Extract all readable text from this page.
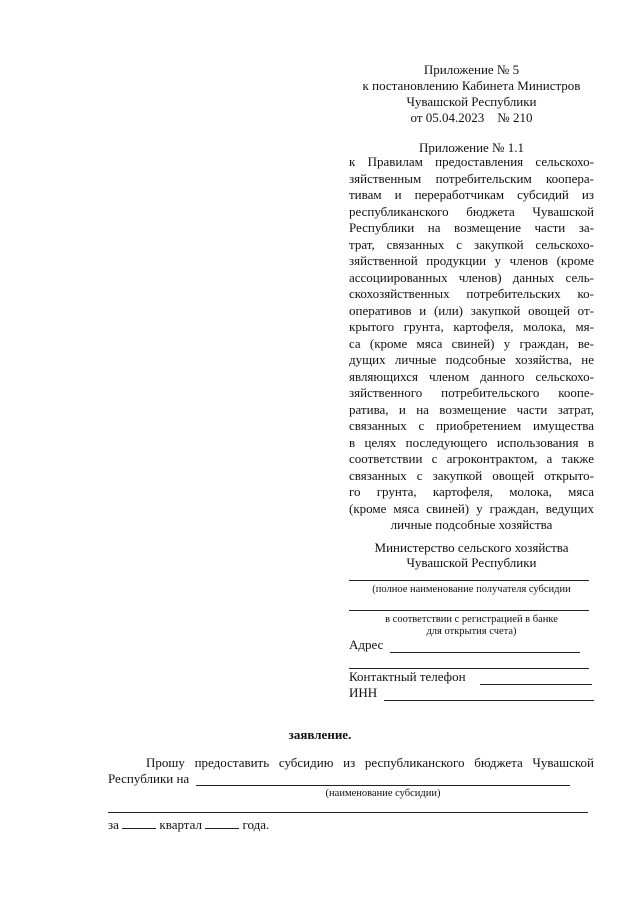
Приложение № 5
к постановлению Кабинета Министров
Чувашской Республики
от 05.04.2023    № 210
Приложение № 1.1
к Правилам предоставления сельскохо-
зяйственным потребительским коопера-
тивам и переработчикам субсидий из
республиканского бюджета Чувашской
Республики на возмещение части за-
трат, связанных с закупкой сельскохо-
зяйственной продукции у членов (кроме
ассоциированных членов) данных сель-
скохозяйственных потребительских ко-
оперативов и (или) закупкой овощей от-
крытого грунта, картофеля, молока, мя-
са (кроме мяса свиней) у граждан, ве-
дущих личные подсобные хозяйства, не
являющихся членом данного сельскохо-
зяйственного потребительского коопе-
ратива, и на возмещение части затрат,
связанных с приобретением имущества
в целях последующего использования в
соответствии с агроконтрактом, а также
связанных с закупкой овощей открыто-
го грунта, картофеля, молока, мяса
(кроме мяса свиней) у граждан, ведущих
личные подсобные хозяйства
Министерство сельского хозяйства
Чувашской Республики
(полное наименование получателя субсидии
в соответствии с регистрацией в банке
для открытия счета)
Адрес
Контактный телефон
ИНН
заявление.
Прошу предоставить субсидию из республиканского бюджета Чувашской
Республики на
(наименование субсидии)
за	квартал	года.
